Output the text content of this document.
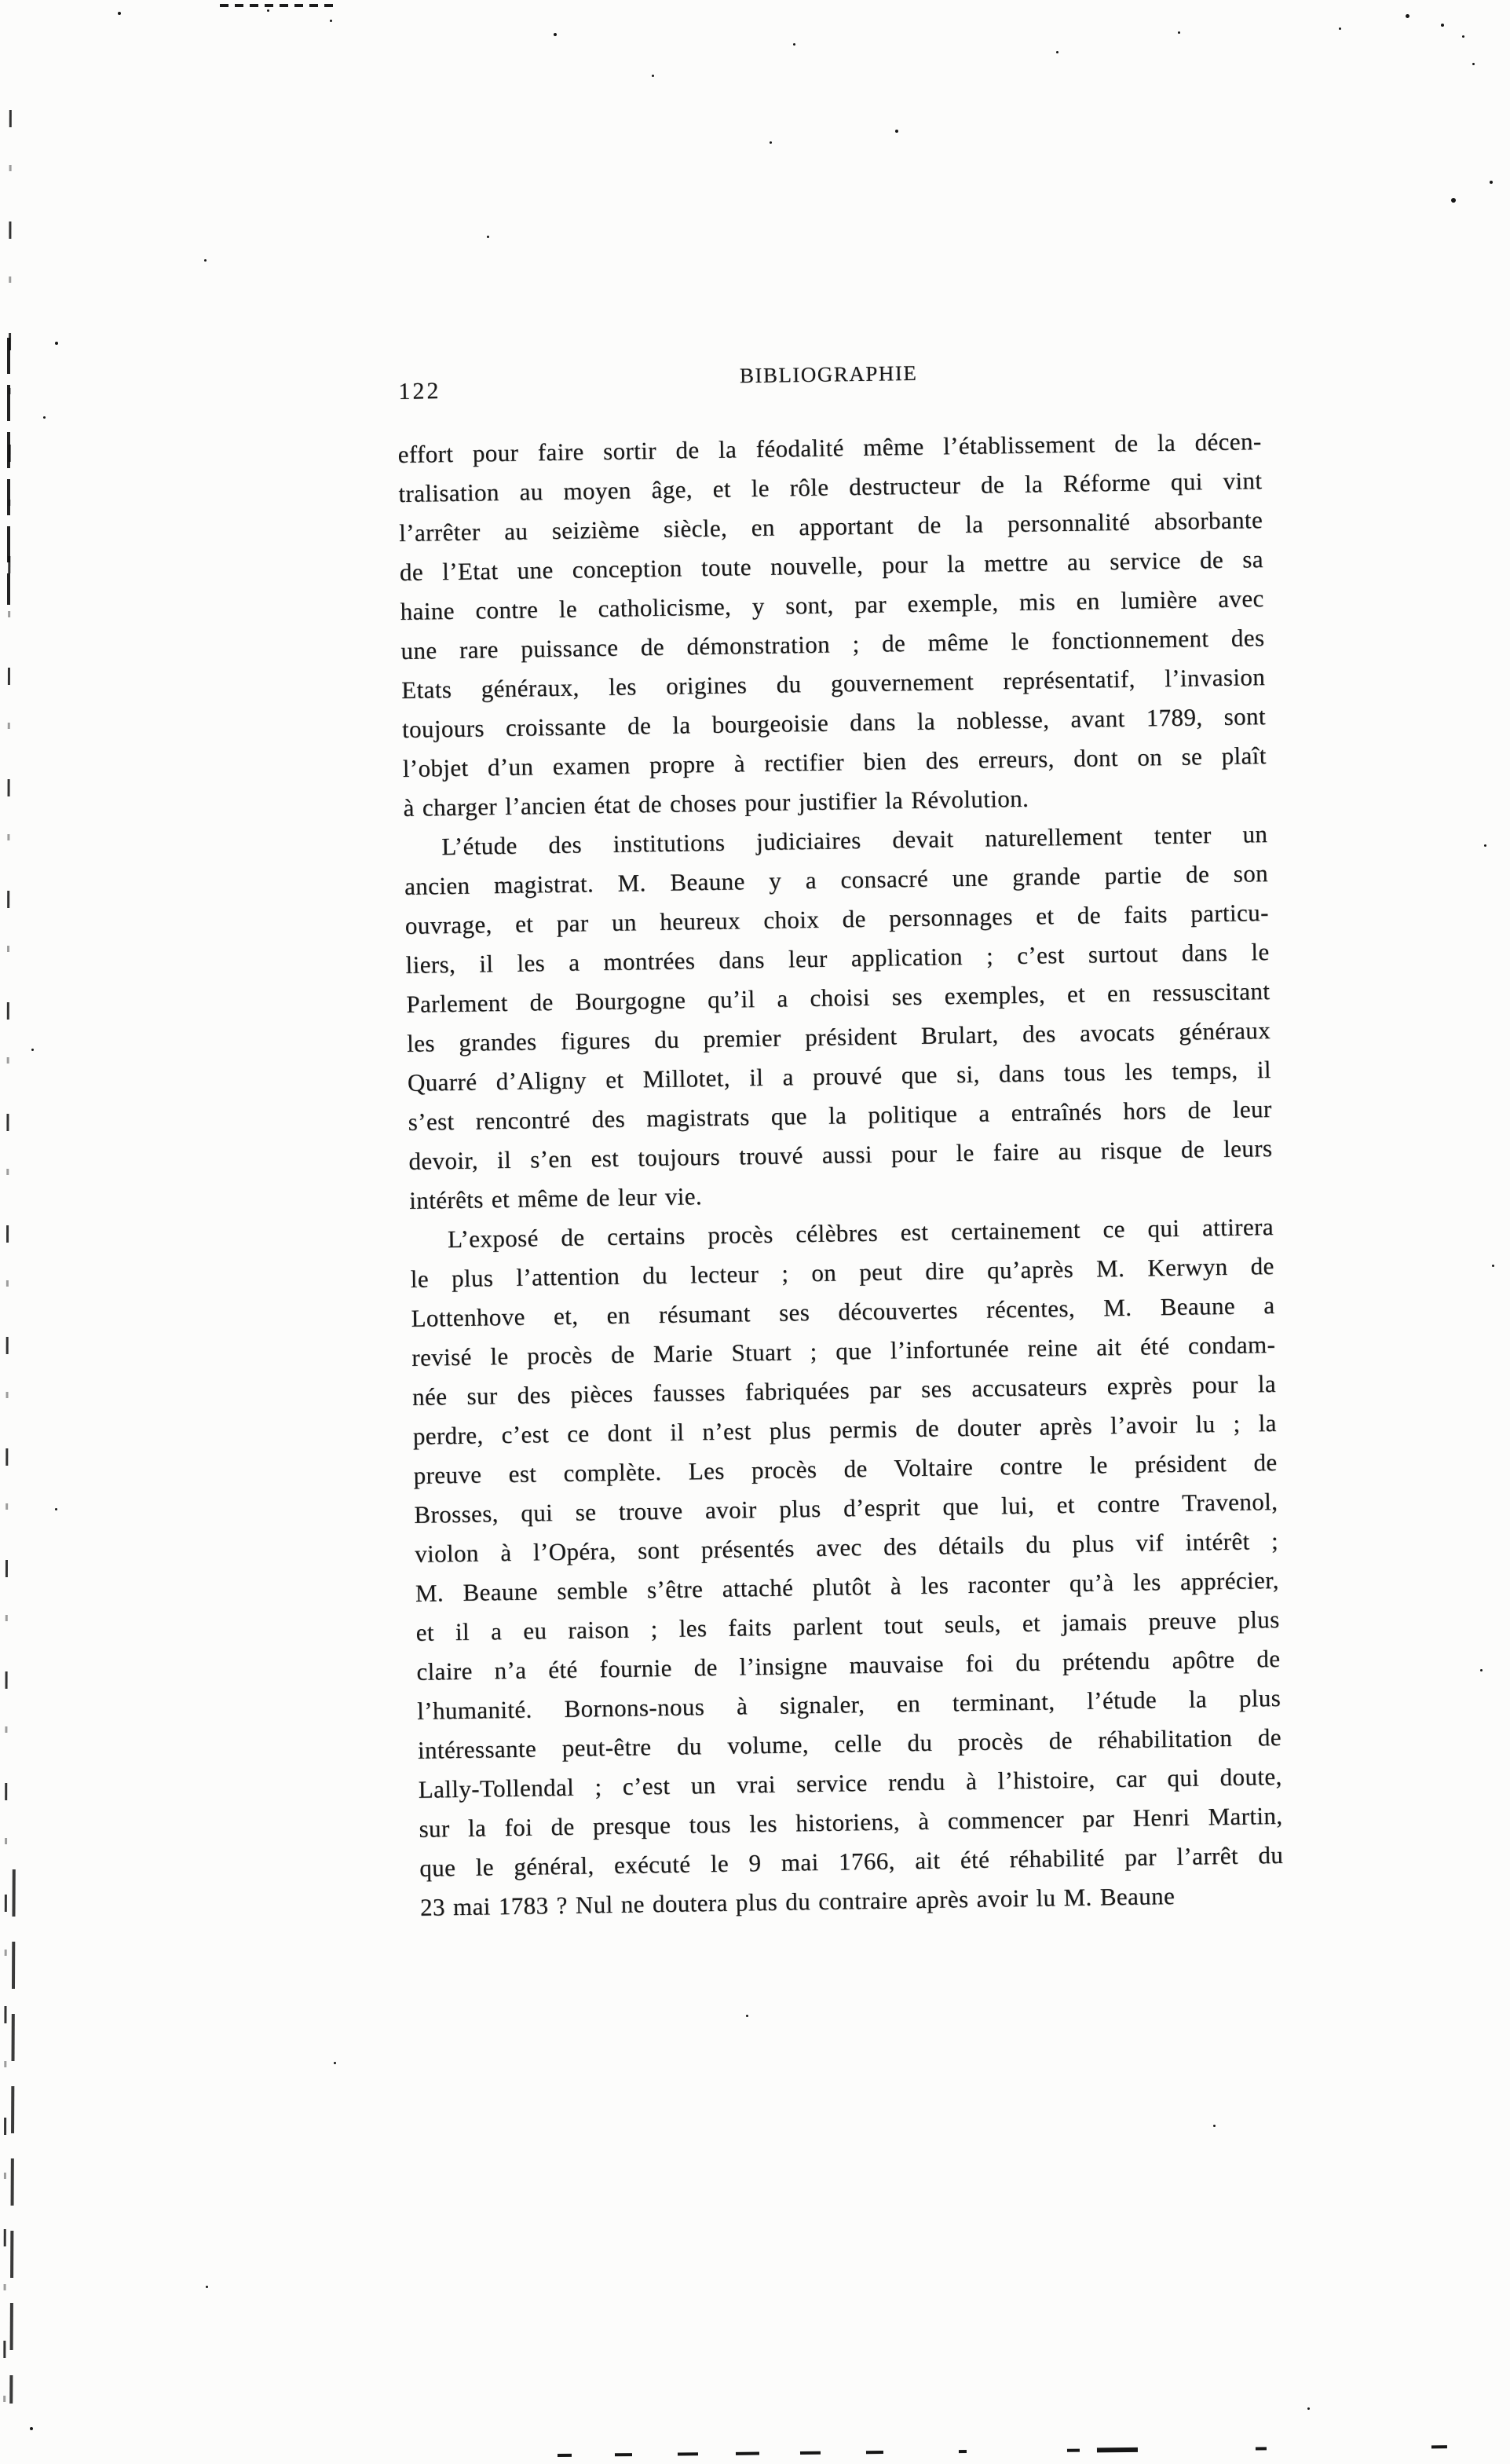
122
BIBLIOGRAPHIE
effort pour faire sortir de la féodalité même l’établissement de la décen-
tralisation au moyen âge, et le rôle destructeur de la Réforme qui vint
l’arrêter au seizième siècle, en apportant de la personnalité absorbante
de l’Etat une conception toute nouvelle, pour la mettre au service de sa
haine contre le catholicisme, y sont, par exemple, mis en lumière avec
une rare puissance de démonstration ; de même le fonctionnement des
Etats généraux, les origines du gouvernement représentatif, l’invasion
toujours croissante de la bourgeoisie dans la noblesse, avant 1789, sont
l’objet d’un examen propre à rectifier bien des erreurs, dont on se plaît
à charger l’ancien état de choses pour justifier la Révolution.
L’étude des institutions judiciaires devait naturellement tenter un
ancien magistrat. M. Beaune y a consacré une grande partie de son
ouvrage, et par un heureux choix de personnages et de faits particu-
liers, il les a montrées dans leur application ; c’est surtout dans le
Parlement de Bourgogne qu’il a choisi ses exemples, et en ressuscitant
les grandes figures du premier président Brulart, des avocats généraux
Quarré d’Aligny et Millotet, il a prouvé que si, dans tous les temps, il
s’est rencontré des magistrats que la politique a entraînés hors de leur
devoir, il s’en est toujours trouvé aussi pour le faire au risque de leurs
intérêts et même de leur vie.
L’exposé de certains procès célèbres est certainement ce qui attirera
le plus l’attention du lecteur ; on peut dire qu’après M. Kerwyn de
Lottenhove et, en résumant ses découvertes récentes, M. Beaune a
revisé le procès de Marie Stuart ; que l’infortunée reine ait été condam-
née sur des pièces fausses fabriquées par ses accusateurs exprès pour la
perdre, c’est ce dont il n’est plus permis de douter après l’avoir lu ; la
preuve est complète. Les procès de Voltaire contre le président de
Brosses, qui se trouve avoir plus d’esprit que lui, et contre Travenol,
violon à l’Opéra, sont présentés avec des détails du plus vif intérêt ;
M. Beaune semble s’être attaché plutôt à les raconter qu’à les apprécier,
et il a eu raison ; les faits parlent tout seuls, et jamais preuve plus
claire n’a été fournie de l’insigne mauvaise foi du prétendu apôtre de
l’humanité. Bornons-nous à signaler, en terminant, l’étude la plus
intéressante peut-être du volume, celle du procès de réhabilitation de
Lally-Tollendal ; c’est un vrai service rendu à l’histoire, car qui doute,
sur la foi de presque tous les historiens, à commencer par Henri Martin,
que le général, exécuté le 9 mai 1766, ait été réhabilité par l’arrêt du
23 mai 1783 ? Nul ne doutera plus du contraire après avoir lu M. Beaune
